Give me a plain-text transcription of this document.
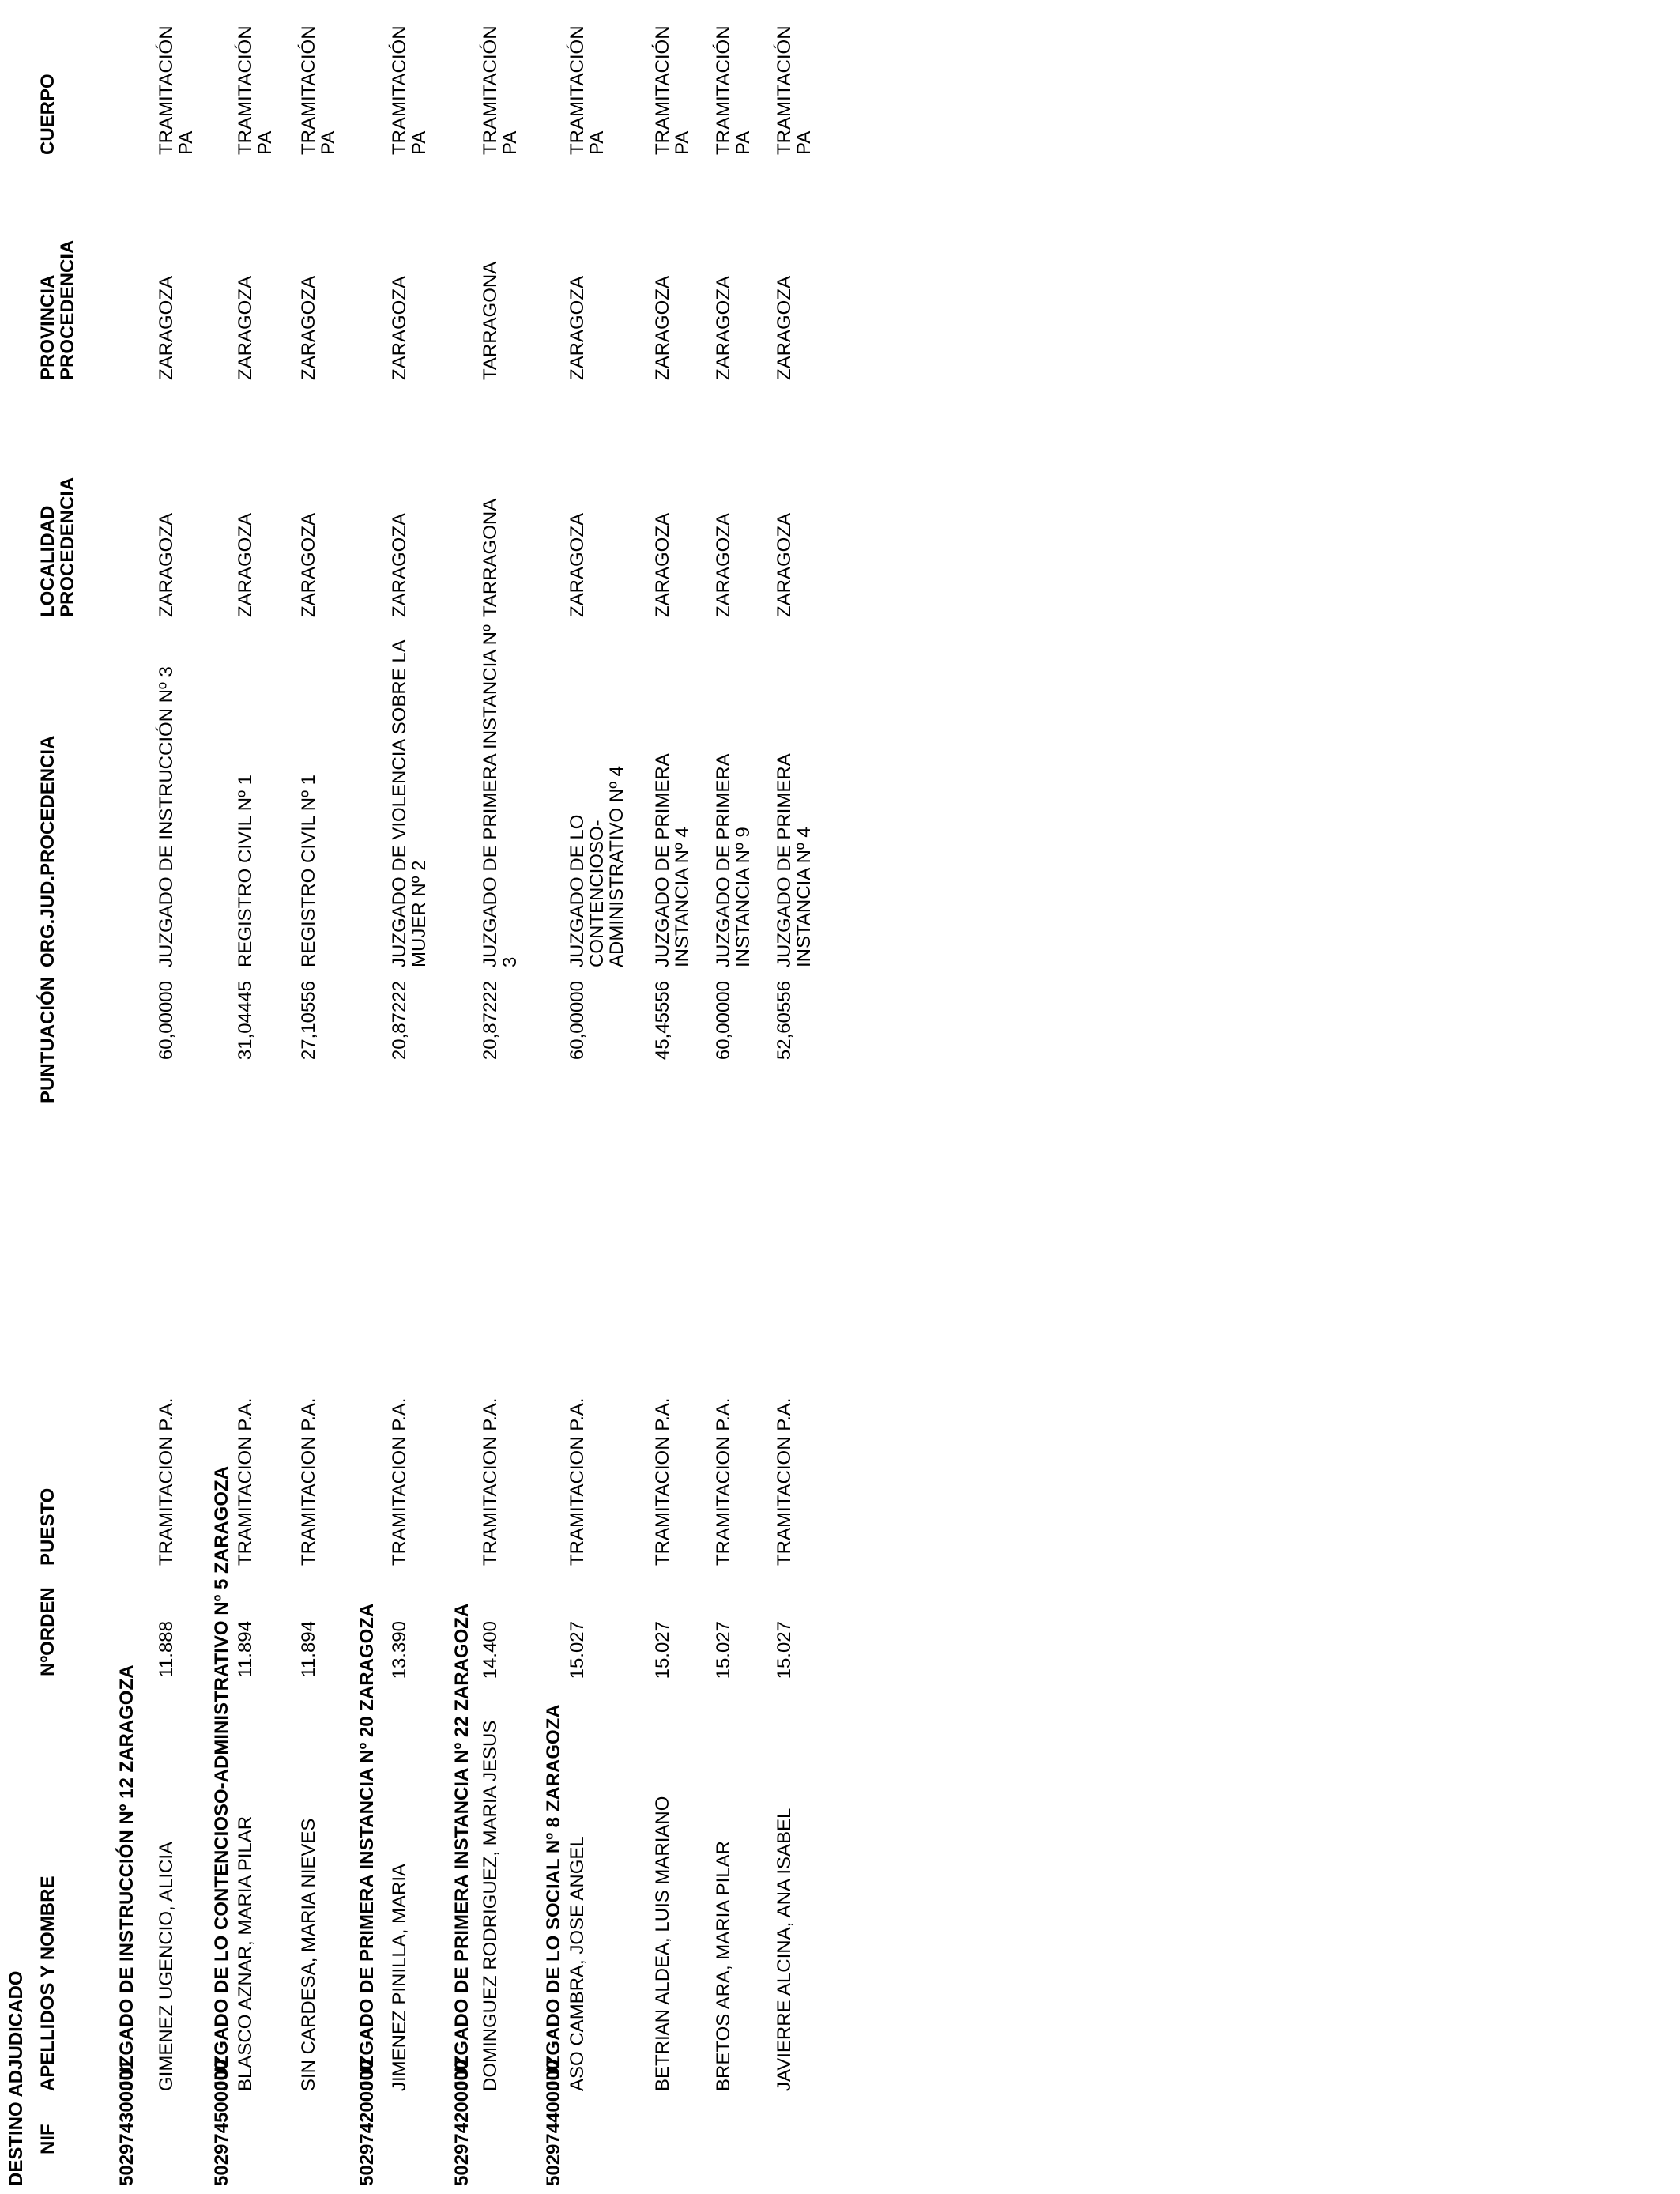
DESTINO ADJUDICADO NIF
APELLIDOS Y NOMBRE
NºORDEN
PUESTO
PUNTUACIÓN
ORG.JUD.PROCEDENCIA
LOCALIDAD PROCEDENCIA
PROVINCIA PROCEDENCIA
CUERPO
502974300001
JUZGADO DE INSTRUCCIÓN Nº 12 ZARAGOZA GIMENEZ UGENCIO, ALICIA
11.888
TRAMITACION P.A.
60,00000
JUZGADO DE INSTRUCCIÓN Nº 3
ZARAGOZA
ZARAGOZA
TRAMITACIÓN PA
502974500000
JUZGADO DE LO CONTENCIOSO-ADMINISTRATIVO Nº 5 ZARAGOZA BLASCO AZNAR, MARIA PILAR
11.894
TRAMITACION P.A.
31,04445
REGISTRO CIVIL Nº 1
ZARAGOZA
ZARAGOZA
TRAMITACIÓN PA
SIN CARDESA, MARIA NIEVES
11.894
TRAMITACION P.A.
27,10556
REGISTRO CIVIL Nº 1
ZARAGOZA
ZARAGOZA
TRAMITACIÓN PA
502974200000
JUZGADO DE PRIMERA INSTANCIA Nº 20 ZARAGOZA JIMENEZ PINILLA, MARIA
13.390
TRAMITACION P.A.
20,87222
JUZGADO DE VIOLENCIA SOBRE LA MUJER Nº 2
ZARAGOZA
ZARAGOZA
TRAMITACIÓN PA
502974200000
JUZGADO DE PRIMERA INSTANCIA Nº 22 ZARAGOZA DOMINGUEZ RODRIGUEZ, MARIA JESUS
14.400
TRAMITACION P.A.
20,87222
JUZGADO DE PRIMERA INSTANCIA Nº 3
TARRAGONA
TARRAGONA
TRAMITACIÓN PA
502974400000
JUZGADO DE LO SOCIAL Nº 8 ZARAGOZA ASO CAMBRA, JOSE ANGEL
15.027
TRAMITACION P.A.
60,00000
JUZGADO DE LO CONTENCIOSO-ADMINISTRATIVO Nº 4
ZARAGOZA
ZARAGOZA
TRAMITACIÓN PA
BETRIAN ALDEA, LUIS MARIANO
15.027
TRAMITACION P.A.
45,45556
JUZGADO DE PRIMERA INSTANCIA Nº 4
ZARAGOZA
ZARAGOZA
TRAMITACIÓN PA
BRETOS ARA, MARIA PILAR
15.027
TRAMITACION P.A.
60,00000
JUZGADO DE PRIMERA INSTANCIA Nº 9
ZARAGOZA
ZARAGOZA
TRAMITACIÓN PA
JAVIERRE ALCINA, ANA ISABEL
15.027
TRAMITACION P.A.
52,60556
JUZGADO DE PRIMERA INSTANCIA Nº 4
ZARAGOZA
ZARAGOZA
TRAMITACIÓN PA
